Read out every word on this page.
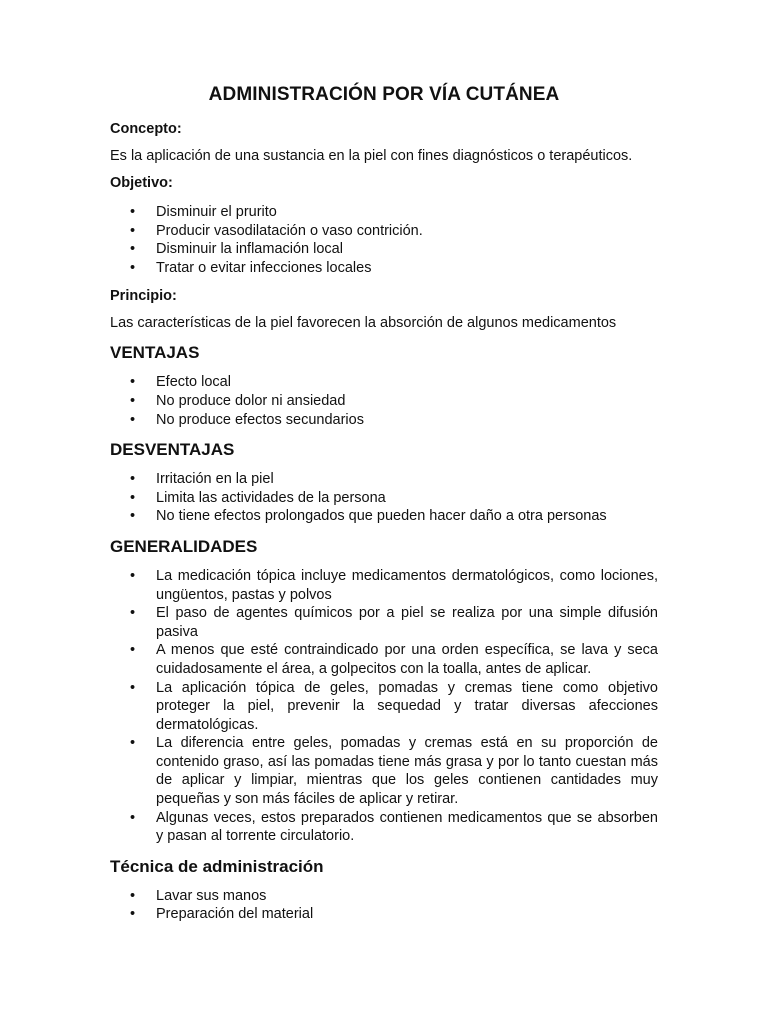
ADMINISTRACIÓN POR VÍA CUTÁNEA
Concepto:
Es la aplicación de una sustancia en la piel con fines diagnósticos o terapéuticos.
Objetivo:
• Disminuir el prurito
• Producir vasodilatación o vaso contrición.
• Disminuir la inflamación local
• Tratar o evitar infecciones locales
Principio:
Las características de la piel favorecen la absorción de algunos medicamentos
VENTAJAS
• Efecto local
• No produce dolor ni ansiedad
• No produce efectos secundarios
DESVENTAJAS
• Irritación en la piel
• Limita las actividades de la persona
• No tiene efectos prolongados que pueden hacer daño a otra personas
GENERALIDADES
• La medicación tópica incluye medicamentos dermatológicos, como lociones, ungüentos, pastas y polvos
• El paso de agentes químicos por a piel se realiza por una simple difusión pasiva
• A menos que esté contraindicado por una orden específica, se lava y seca cuidadosamente el área, a golpecitos con la toalla, antes de aplicar.
• La aplicación tópica de geles, pomadas y cremas tiene como objetivo proteger la piel, prevenir la sequedad y tratar diversas afecciones dermatológicas.
• La diferencia entre geles, pomadas y cremas está en su proporción de contenido graso, así las pomadas tiene más grasa y por lo tanto cuestan más de aplicar y limpiar, mientras que los geles contienen cantidades muy pequeñas y son más fáciles de aplicar y retirar.
• Algunas veces, estos preparados contienen medicamentos que se absorben y pasan al torrente circulatorio.
Técnica de administración
• Lavar sus manos
• Preparación del material
